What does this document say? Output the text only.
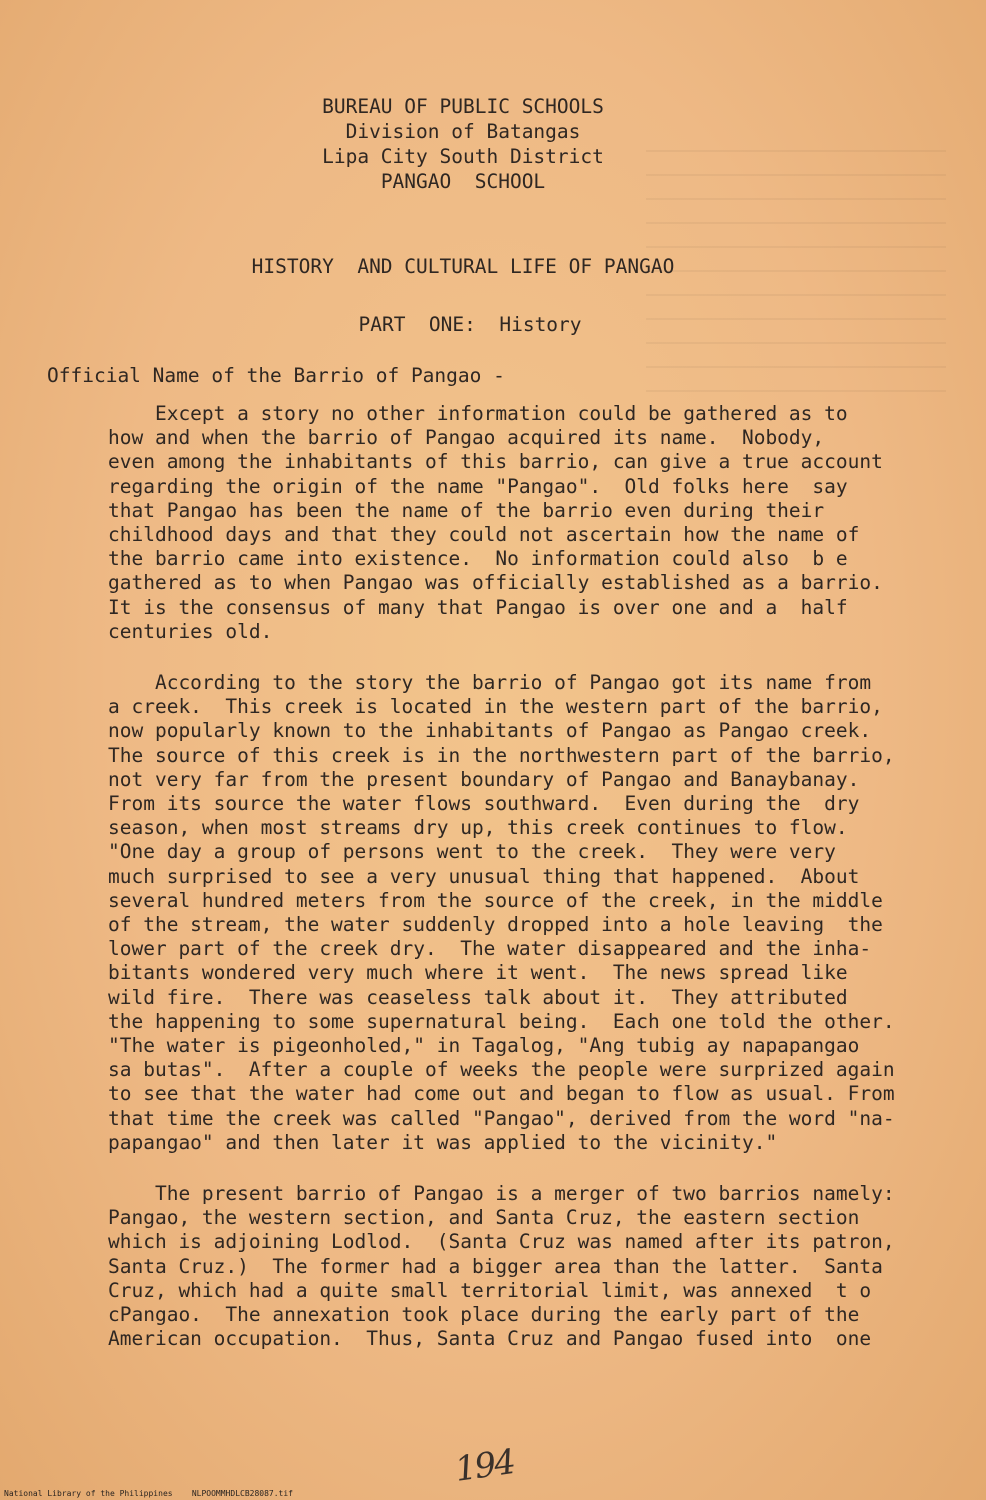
BUREAU OF PUBLIC SCHOOLS
Division of Batangas
Lipa City South District
PANGAO  SCHOOL
HISTORY  AND CULTURAL LIFE OF PANGAO
PART  ONE:  History
Official Name of the Barrio of Pangao -
Except a story no other information could be gathered as to
how and when the barrio of Pangao acquired its name.  Nobody,
even among the inhabitants of this barrio, can give a true account
regarding the origin of the name "Pangao".  Old folks here  say
that Pangao has been the name of the barrio even during their
childhood days and that they could not ascertain how the name of
the barrio came into existence.  No information could also  b e
gathered as to when Pangao was officially established as a barrio.
It is the consensus of many that Pangao is over one and a  half
centuries old.
According to the story the barrio of Pangao got its name from
a creek.  This creek is located in the western part of the barrio,
now popularly known to the inhabitants of Pangao as Pangao creek.
The source of this creek is in the northwestern part of the barrio,
not very far from the present boundary of Pangao and Banaybanay.
From its source the water flows southward.  Even during the  dry
season, when most streams dry up, this creek continues to flow.
"One day a group of persons went to the creek.  They were very
much surprised to see a very unusual thing that happened.  About
several hundred meters from the source of the creek, in the middle
of the stream, the water suddenly dropped into a hole leaving  the
lower part of the creek dry.  The water disappeared and the inha-
bitants wondered very much where it went.  The news spread like
wild fire.  There was ceaseless talk about it.  They attributed
the happening to some supernatural being.  Each one told the other.
"The water is pigeonholed," in Tagalog, "Ang tubig ay napapangao
sa butas".  After a couple of weeks the people were surprized again
to see that the water had come out and began to flow as usual. From
that time the creek was called "Pangao", derived from the word "na-
papangao" and then later it was applied to the vicinity."
The present barrio of Pangao is a merger of two barrios namely:
Pangao, the western section, and Santa Cruz, the eastern section
which is adjoining Lodlod.  (Santa Cruz was named after its patron,
Santa Cruz.)  The former had a bigger area than the latter.  Santa
Cruz, which had a quite small territorial limit, was annexed  t o
cPangao.  The annexation took place during the early part of the
American occupation.  Thus, Santa Cruz and Pangao fused into  one
194
National Library of the Philippines    NLPOOMMHDLCB28087.tif
